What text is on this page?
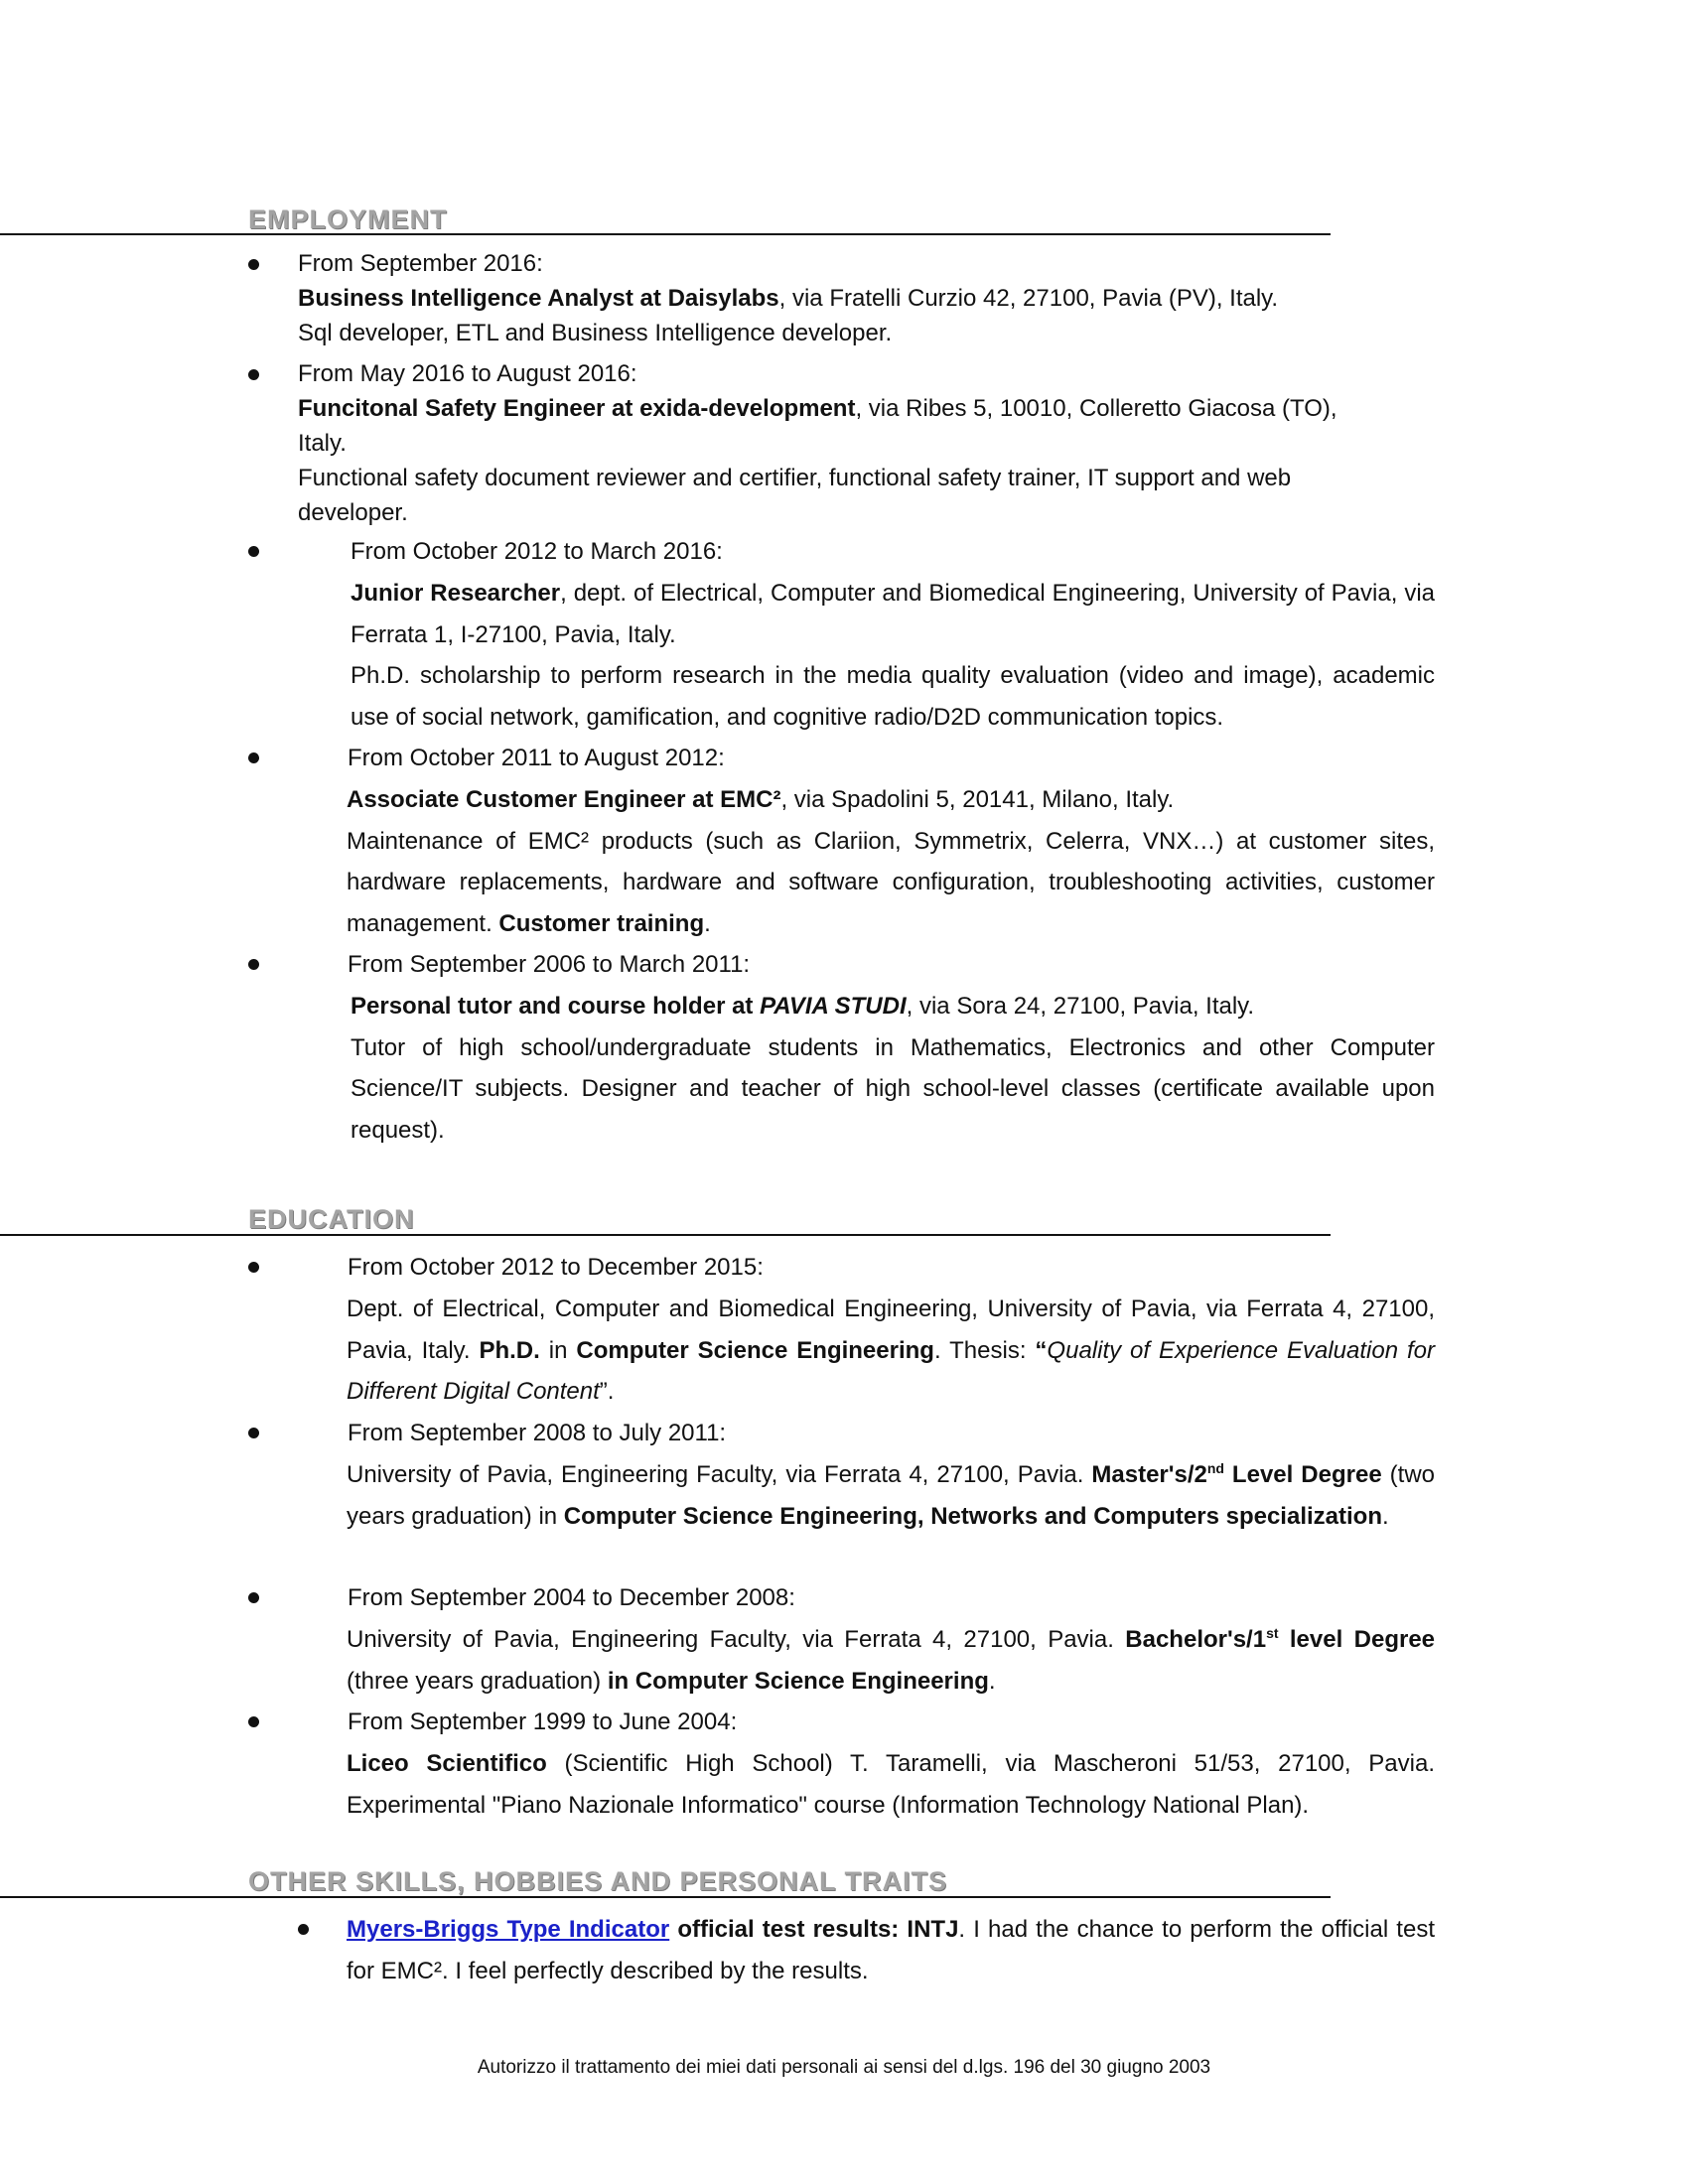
EMPLOYMENT
From September 2016:
Business Intelligence Analyst at Daisylabs, via Fratelli Curzio 42, 27100, Pavia (PV), Italy.
Sql developer, ETL and Business Intelligence developer.
From May 2016 to August 2016:
Funcitonal Safety Engineer at exida-development, via Ribes 5, 10010, Colleretto Giacosa (TO),
Italy.
Functional safety document reviewer and certifier, functional safety trainer, IT support and web
developer.
From October 2012 to March 2016:
Junior Researcher, dept. of Electrical, Computer and Biomedical Engineering, University of Pavia, via Ferrata 1, I-27100, Pavia, Italy.
Ph.D. scholarship to perform research in the media quality evaluation (video and image), academic use of social network, gamification, and cognitive radio/D2D communication topics.
From October 2011 to August 2012:
Associate Customer Engineer at EMC², via Spadolini 5, 20141, Milano, Italy.
Maintenance of EMC² products (such as Clariion, Symmetrix, Celerra, VNX…) at customer sites, hardware replacements, hardware and software configuration, troubleshooting activities, customer management. Customer training.
From September 2006 to March 2011:
Personal tutor and course holder at PAVIA STUDI, via Sora 24, 27100, Pavia, Italy.
Tutor of high school/undergraduate students in Mathematics, Electronics and other Computer Science/IT subjects. Designer and teacher of high school-level classes (certificate available upon request).
EDUCATION
From October 2012 to December 2015:
Dept. of Electrical, Computer and Biomedical Engineering, University of Pavia, via Ferrata 4, 27100, Pavia, Italy. Ph.D. in Computer Science Engineering. Thesis: “Quality of Experience Evaluation for Different Digital Content”.
From September 2008 to July 2011:
University of Pavia, Engineering Faculty, via Ferrata 4, 27100, Pavia. Master's/2nd Level Degree (two years graduation) in Computer Science Engineering, Networks and Computers specialization.
From September 2004 to December 2008:
University of Pavia, Engineering Faculty, via Ferrata 4, 27100, Pavia. Bachelor's/1st level Degree (three years graduation) in Computer Science Engineering.
From September 1999 to June 2004:
Liceo Scientifico (Scientific High School) T. Taramelli, via Mascheroni 51/53, 27100, Pavia. Experimental "Piano Nazionale Informatico" course (Information Technology National Plan).
OTHER SKILLS, HOBBIES AND PERSONAL TRAITS
Myers-Briggs Type Indicator official test results: INTJ. I had the chance to perform the official test for EMC². I feel perfectly described by the results.
Autorizzo il trattamento dei miei dati personali ai sensi del d.lgs. 196 del 30 giugno 2003
